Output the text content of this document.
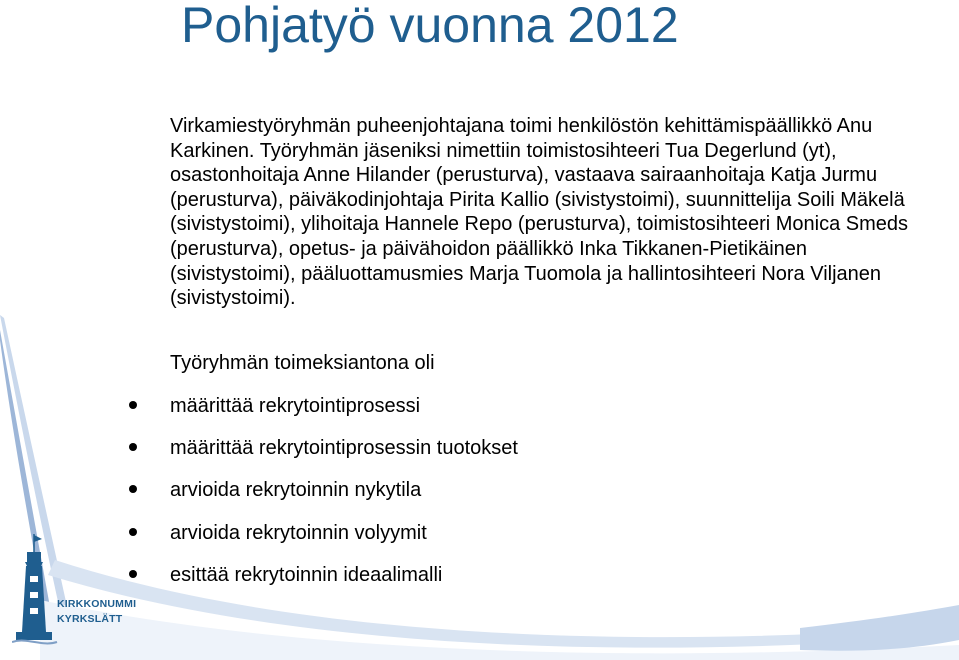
Pohjatyö vuonna 2012

Virkamiestyöryhmän puheenjohtajana toimi henkilöstön kehittämispäällikkö Anu Karkinen. Työryhmän jäseniksi nimettiin toimistosihteeri Tua Degerlund (yt), osastonhoitaja Anne Hilander (perusturva), vastaava sairaanhoitaja Katja Jurmu (perusturva), päiväkodinjohtaja Pirita Kallio (sivistystoimi), suunnittelija Soili Mäkelä (sivistystoimi), ylihoitaja Hannele Repo (perusturva), toimistosihteeri Monica Smeds (perusturva), opetus- ja päivähoidon päällikkö Inka Tikkanen-Pietikäinen (sivistystoimi), pääluottamusmies Marja Tuomola ja hallintosihteeri Nora Viljanen (sivistystoimi).

Työryhmän toimeksiantona oli

määrittää rekrytointiprosessi
määrittää rekrytointiprosessin tuotokset
arvioida rekrytoinnin nykytila
arvioida rekrytoinnin volyymit
esittää rekrytoinnin ideaalimalli
KIRKKONUMMI
KYRKSLÄTT
